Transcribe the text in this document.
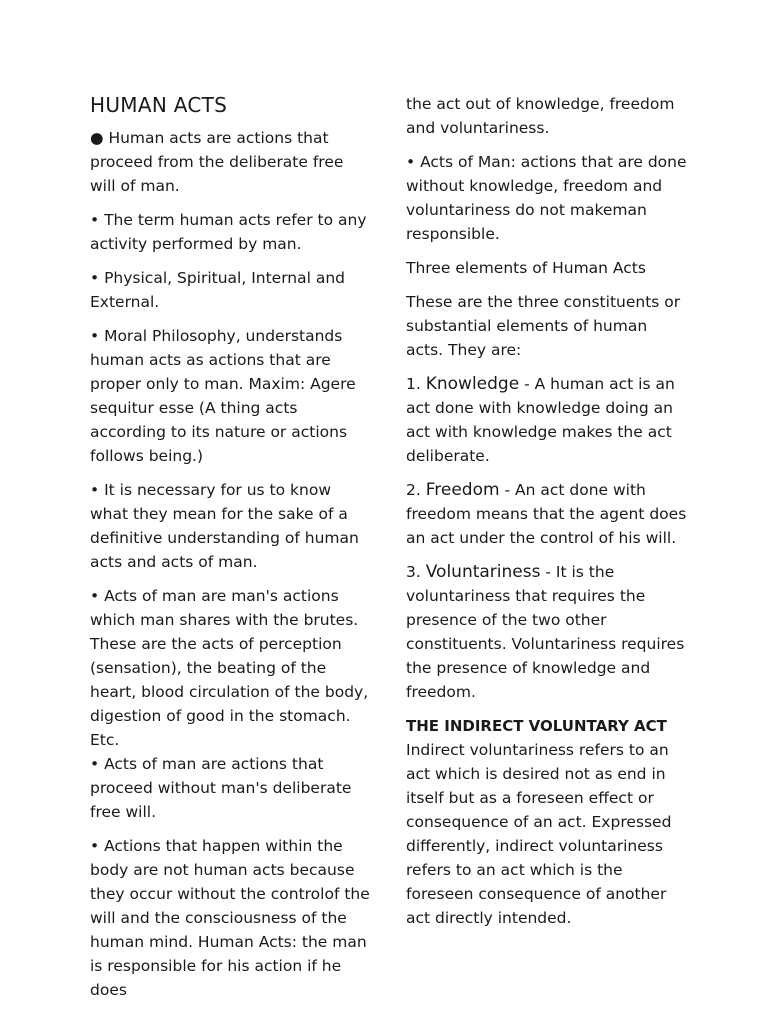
HUMAN ACTS

● Human acts are actions that proceed from the deliberate free will of man.

• The term human acts refer to any activity performed by man.

• Physical, Spiritual, Internal and External.

• Moral Philosophy, understands human acts as actions that are proper only to man. Maxim: Agere sequitur esse (A thing acts according to its nature or actions follows being.)

• It is necessary for us to know what they mean for the sake of a definitive understanding of human acts and acts of man.

• Acts of man are man's actions which man shares with the brutes. These are the acts of perception (sensation), the beating of the heart, blood circulation of the body, digestion of good in the stomach. Etc.

• Acts of man are actions that proceed without man's deliberate free will.

• Actions that happen within the body are not human acts because they occur without the controlof the will and the consciousness of the human mind. Human Acts: the man is responsible for his action if he does

the act out of knowledge, freedom and voluntariness.

• Acts of Man: actions that are done without knowledge, freedom and voluntariness do not makeman responsible.

Three elements of Human Acts

These are the three constituents or substantial elements of human acts. They are:

1. Knowledge - A human act is an act done with knowledge doing an act with knowledge makes the act deliberate.

2. Freedom - An act done with freedom means that the agent does an act under the control of his will.

3. Voluntariness - It is the voluntariness that requires the presence of the two other constituents. Voluntariness requires the presence of knowledge and freedom.

THE INDIRECT VOLUNTARY ACT

Indirect voluntariness refers to an act which is desired not as end in itself but as a foreseen effect or consequence of an act. Expressed differently, indirect voluntariness refers to an act which is the foreseen consequence of another act directly intended.
